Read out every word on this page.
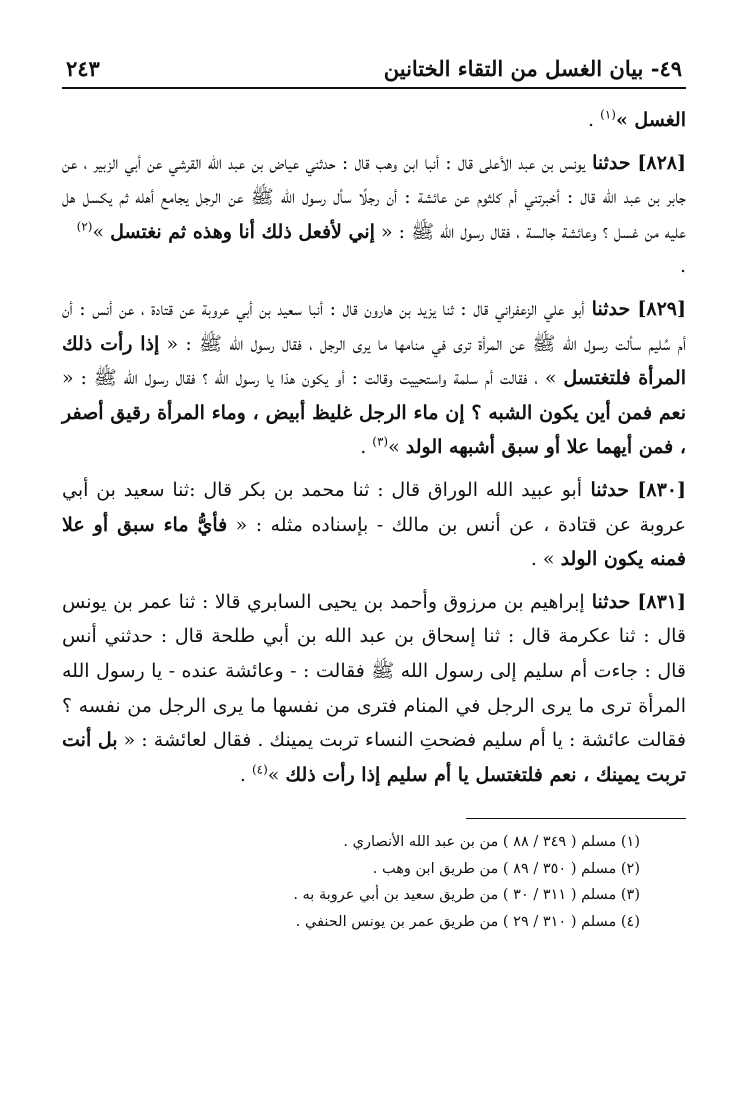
٤٩- بيان الغسل من التقاء الختانين
٢٤٣

الغسل »$^{(١)}$ .

[٨٢٨] حدثنا يونس بن عبد الأعلى قال : أنبا ابن وهب قال : حدثني عياض بن عبد الله القرشي عن أبي الزبير ، عن جابر بن عبد الله قال : أخبرتني أم كلثوم عن عائشة : أن رجلًا سأل رسول الله ﷺ عن الرجل يجامع أهله ثم يكسل هل عليه من غسل ؟ وعائشة جالسة ، فقال رسول الله ﷺ : « إني لأفعل ذلك أنا وهذه ثم نغتسل »$^{(٢)}$
.

[٨٢٩] حدثنا أبو علي الزعفراني قال : ثنا يزيد بن هارون قال : أنبا سعيد بن أبي عروبة عن قتادة ، عن أنس : أن أم سُليم سألت رسول الله ﷺ عن المرأة ترى في منامها ما يرى الرجل ، فقال رسول الله ﷺ : « إذا رأت ذلك المرأة فلتغتسل » ، فقالت أم سلمة واستحييت وقالت : أو يكون هذا يا رسول الله ؟ فقال رسول الله ﷺ : « نعم فمن أين يكون الشبه ؟ إن ماء الرجل غليظ أبيض ، وماء المرأة رقيق أصفر ، فمن أيهما علا أو سبق أشبهه الولد »$^{(٣)}$ .

[٨٣٠] حدثنا أبو عبيد الله الوراق قال : ثنا محمد بن بكر قال :ثنا سعيد بن أبي عروبة عن قتادة ، عن أنس بن مالك - بإسناده مثله : « فأيُّ ماء سبق أو علا فمنه يكون الولد » .

[٨٣١] حدثنا إبراهيم بن مرزوق وأحمد بن يحيى السابري قالا : ثنا عمر بن يونس قال : ثنا عكرمة قال : ثنا إسحاق بن عبد الله بن أبي طلحة قال : حدثني أنس قال : جاءت أم سليم إلى رسول الله ﷺ فقالت : - وعائشة عنده - يا رسول الله المرأة ترى ما يرى الرجل في المنام فترى من نفسها ما يرى الرجل من نفسه ؟ فقالت عائشة : يا أم سليم فضحتِ النساء تربت يمينك . فقال لعائشة : « بل أنت تربت يمينك ، نعم فلتغتسل يا أم سليم إذا رأت ذلك »$^{(٤)}$ .

(١) مسلم ( ٣٤٩ / ٨٨ ) من بن عبد الله الأنصاري .
(٢) مسلم ( ٣٥٠ / ٨٩ ) من طريق ابن وهب .
(٣) مسلم ( ٣١١ / ٣٠ ) من طريق سعيد بن أبي عروبة به .
(٤) مسلم ( ٣١٠ / ٢٩ ) من طريق عمر بن يونس الحنفي .
